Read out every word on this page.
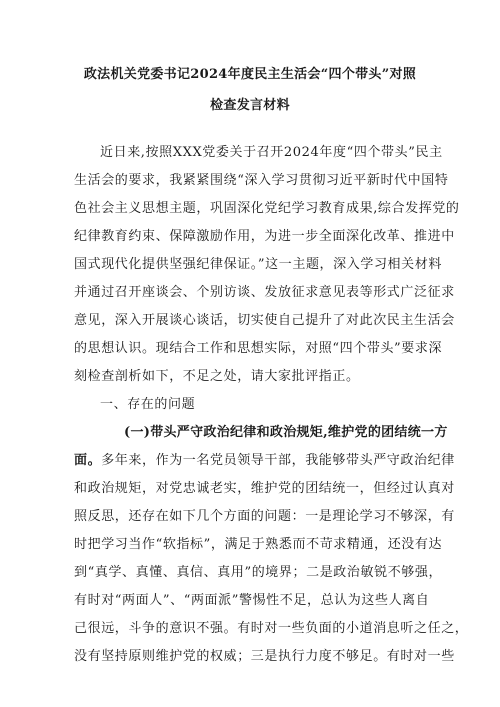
政法机关党委书记2024年度民主生活会“四个带头”对照
检查发言材料
近日来,按照XXX党委关于召开2024年度“四个带头”民主
生活会的要求，我紧紧围绕“深入学习贯彻习近平新时代中国特
色社会主义思想主题，巩固深化党纪学习教育成果,综合发挥党的
纪律教育约束、保障激励作用，为进一步全面深化改革、推进中
国式现代化提供坚强纪律保证。”这一主题，深入学习相关材料
并通过召开座谈会、个别访谈、发放征求意见表等形式广泛征求
意见，深入开展谈心谈话，切实使自己提升了对此次民主生活会
的思想认识。现结合工作和思想实际，对照“四个带头”要求深
刻检查剖析如下，不足之处，请大家批评指正。
一、存在的问题
(一)带头严守政治纪律和政治规矩,维护党的团结统一方
面。多年来，作为一名党员领导干部，我能够带头严守政治纪律
和政治规矩，对党忠诚老实，维护党的团结统一，但经过认真对
照反思，还存在如下几个方面的问题：一是理论学习不够深，有
时把学习当作“软指标”，满足于熟悉而不苛求精通，还没有达
到“真学、真懂、真信、真用”的境界；二是政治敏锐不够强，
有时对“两面人”、“两面派”警惕性不足，总认为这些人离自
己很远，斗争的意识不强。有时对一些负面的小道消息听之任之，
没有坚持原则维护党的权威；三是执行力度不够足。有时对一些
